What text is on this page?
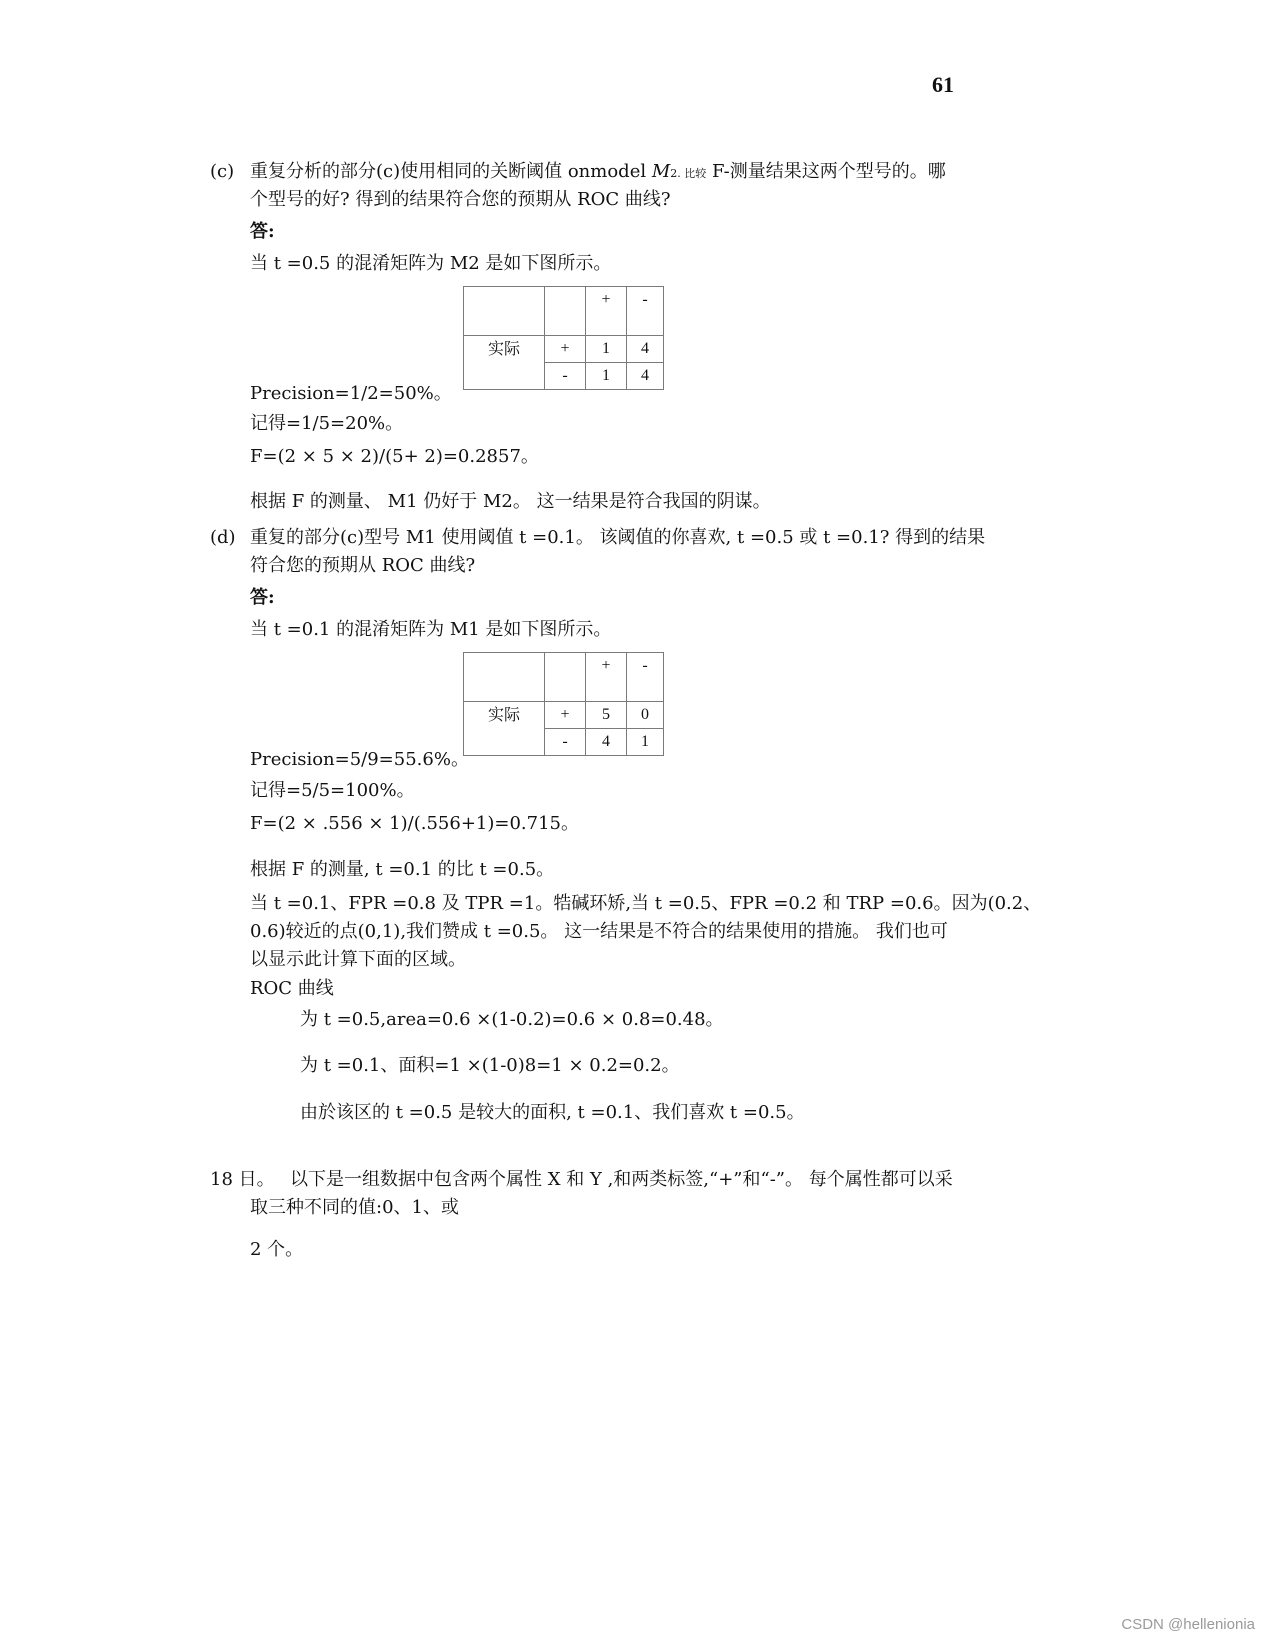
61
(c) 重复分析的部分(c)使用相同的关断阈值 onmodel M2. 比较 F-测量结果这两个型号的。哪
个型号的好? 得到的结果符合您的预期从 ROC 曲线?
答:
当 t =0.5 的混淆矩阵为 M2 是如下图所示。
		+	-
实际	+	1	4
	-	1	4
Precision=1/2=50%。
记得=1/5=20%。
F=(2 × 5 × 2)/(5+ 2)=0.2857。
根据 F 的测量、 M1 仍好于 M2。 这一结果是符合我国的阴谋。
(d) 重复的部分(c)型号 M1 使用阈值 t =0.1。 该阈值的你喜欢, t =0.5 或 t =0.1? 得到的结果
符合您的预期从 ROC 曲线?
答:
当 t =0.1 的混淆矩阵为 M1 是如下图所示。
		+	-
实际	+	5	0
	-	4	1
Precision=5/9=55.6%。
记得=5/5=100%。
F=(2 × .556 × 1)/(.556+1)=0.715。
根据 F 的测量, t =0.1 的比 t =0.5。
当 t =0.1、FPR =0.8 及 TPR =1。牿碱环矫,当 t =0.5、FPR =0.2 和 TRP =0.6。因为(0.2、
0.6)较近的点(0,1),我们赞成 t =0.5。 这一结果是不符合的结果使用的措施。 我们也可
以显示此计算下面的区域。
ROC 曲线
为 t =0.5,area=0.6 ×(1-0.2)=0.6 × 0.8=0.48。
为 t =0.1、面积=1 ×(1-0)8=1 × 0.2=0.2。
由於该区的 t =0.5 是较大的面积, t =0.1、我们喜欢 t =0.5。
18 日。 以下是一组数据中包含两个属性 X 和 Y ,和两类标签,“+”和“-”。 每个属性都可以采
取三种不同的值:0、1、或
2 个。
CSDN @hellenionia
